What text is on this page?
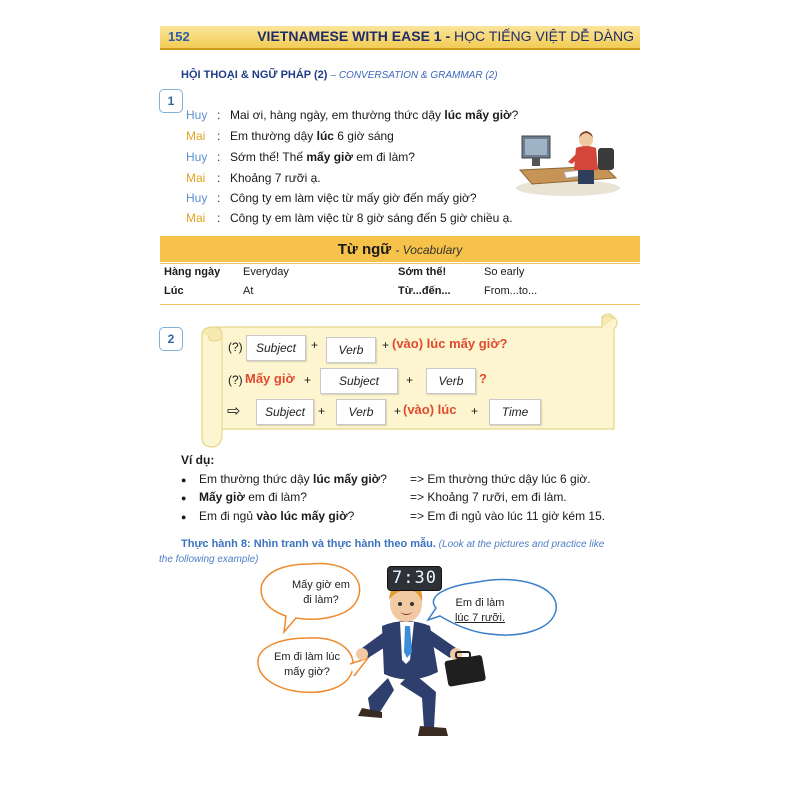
152	VIETNAMESE WITH EASE 1 - HỌC TIẾNG VIỆT DỄ DÀNG
HỘI THOẠI & NGỮ PHÁP (2) – CONVERSATION & GRAMMAR (2)
1
Huy : Mai ơi, hàng ngày, em thường thức dậy lúc mấy giờ?
Mai : Em thường dậy lúc 6 giờ sáng
Huy : Sớm thế! Thế mấy giờ em đi làm?
Mai : Khoảng 7 rưỡi ạ.
Huy : Công ty em làm việc từ mấy giờ đến mấy giờ?
Mai : Công ty em làm việc từ 8 giờ sáng đến 5 giờ chiều ạ.
Từ ngữ - Vocabulary
Hàng ngày Everyday	Sớm thế!	So early
Lúc	At	Từ...đến...	From...to...
2
(?)	Subject	+	Verb	+ (vào) lúc mấy giờ?
(?) Mấy giờ +	Subject	+	Verb	?
⇨	Subject	+	Verb	+ (vào) lúc +	Time
Ví dụ:
● Em thường thức dậy lúc mấy giờ? => Em thường thức dậy lúc 6 giờ.
● Mấy giờ em đi làm?	=> Khoảng 7 rưỡi, em đi làm.
● Em đi ngủ vào lúc mấy giờ?	=> Em đi ngủ vào lúc 11 giờ kém 15.
Thực hành 8: Nhìn tranh và thực hành theo mẫu. (Look at the pictures and practice like
the following example)
Mấy giờ em
đi làm?
Em đi làm lúc
mấy giờ?
Em đi làm
lúc 7 rưỡi.
7:30
